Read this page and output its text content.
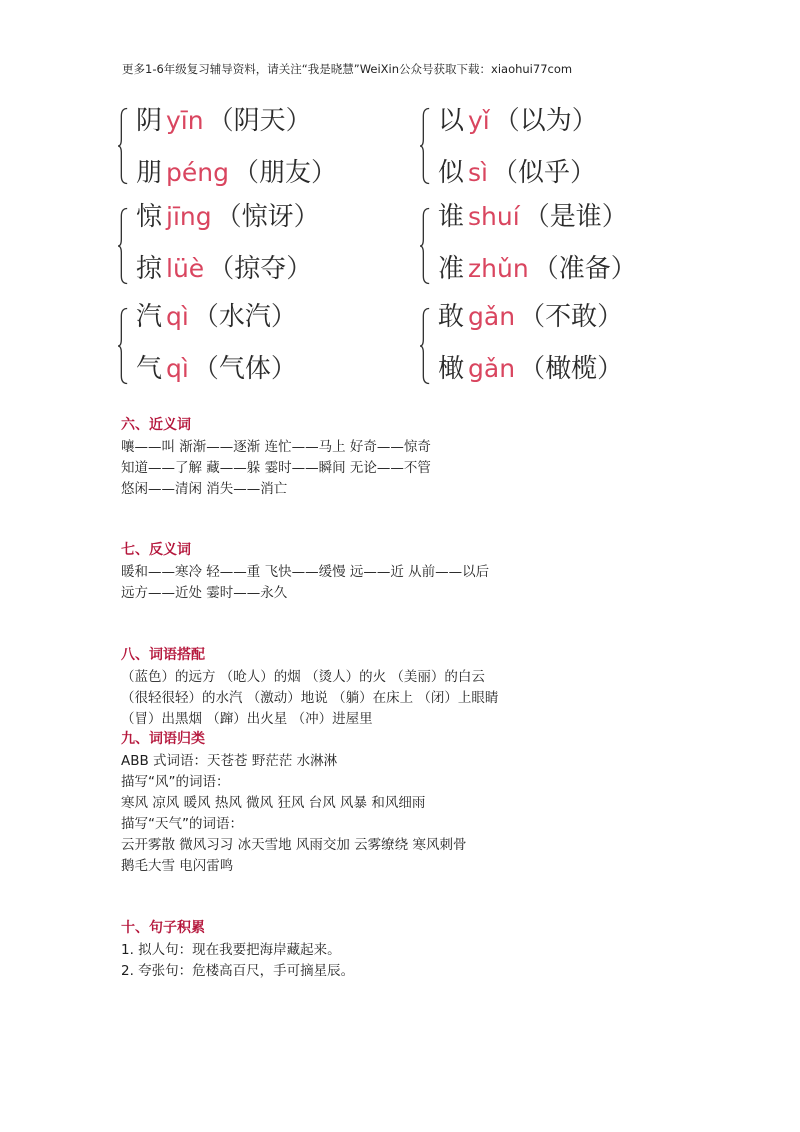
更多1-6年级复习辅导资料，请关注“我是晓慧”WeiXin公众号获取下载：xiaohui77com
阴 yīn （阴天）
朋 péng （朋友）
以 yǐ （以为）
似 sì （似乎）
惊 jīng （惊讶）
掠 lüè （掠夺）
谁 shuí （是谁）
准 zhǔn （准备）
汽 qì （水汽）
气 qì （气体）
敢 gǎn （不敢）
橄 gǎn （橄榄）
六、近义词
嚷——叫 渐渐——逐渐 连忙——马上 好奇——惊奇
知道——了解 藏——躲 霎时——瞬间 无论——不管
悠闲——清闲 消失——消亡
七、反义词
暖和——寒冷 轻——重 飞快——缓慢 远——近 从前——以后
远方——近处 霎时——永久
八、词语搭配
（蓝色）的远方 （呛人）的烟 （烫人）的火 （美丽）的白云
（很轻很轻）的水汽 （激动）地说 （躺）在床上 （闭）上眼睛
（冒）出黑烟 （蹿）出火星 （冲）进屋里
九、词语归类
ABB 式词语：天苍苍 野茫茫 水淋淋
描写“风”的词语：
寒风 凉风 暖风 热风 微风 狂风 台风 风暴 和风细雨
描写“天气”的词语：
云开雾散 微风习习 冰天雪地 风雨交加 云雾缭绕 寒风刺骨
鹅毛大雪 电闪雷鸣
十、句子积累
1. 拟人句：现在我要把海岸藏起来。
2. 夸张句：危楼高百尺，手可摘星辰。
